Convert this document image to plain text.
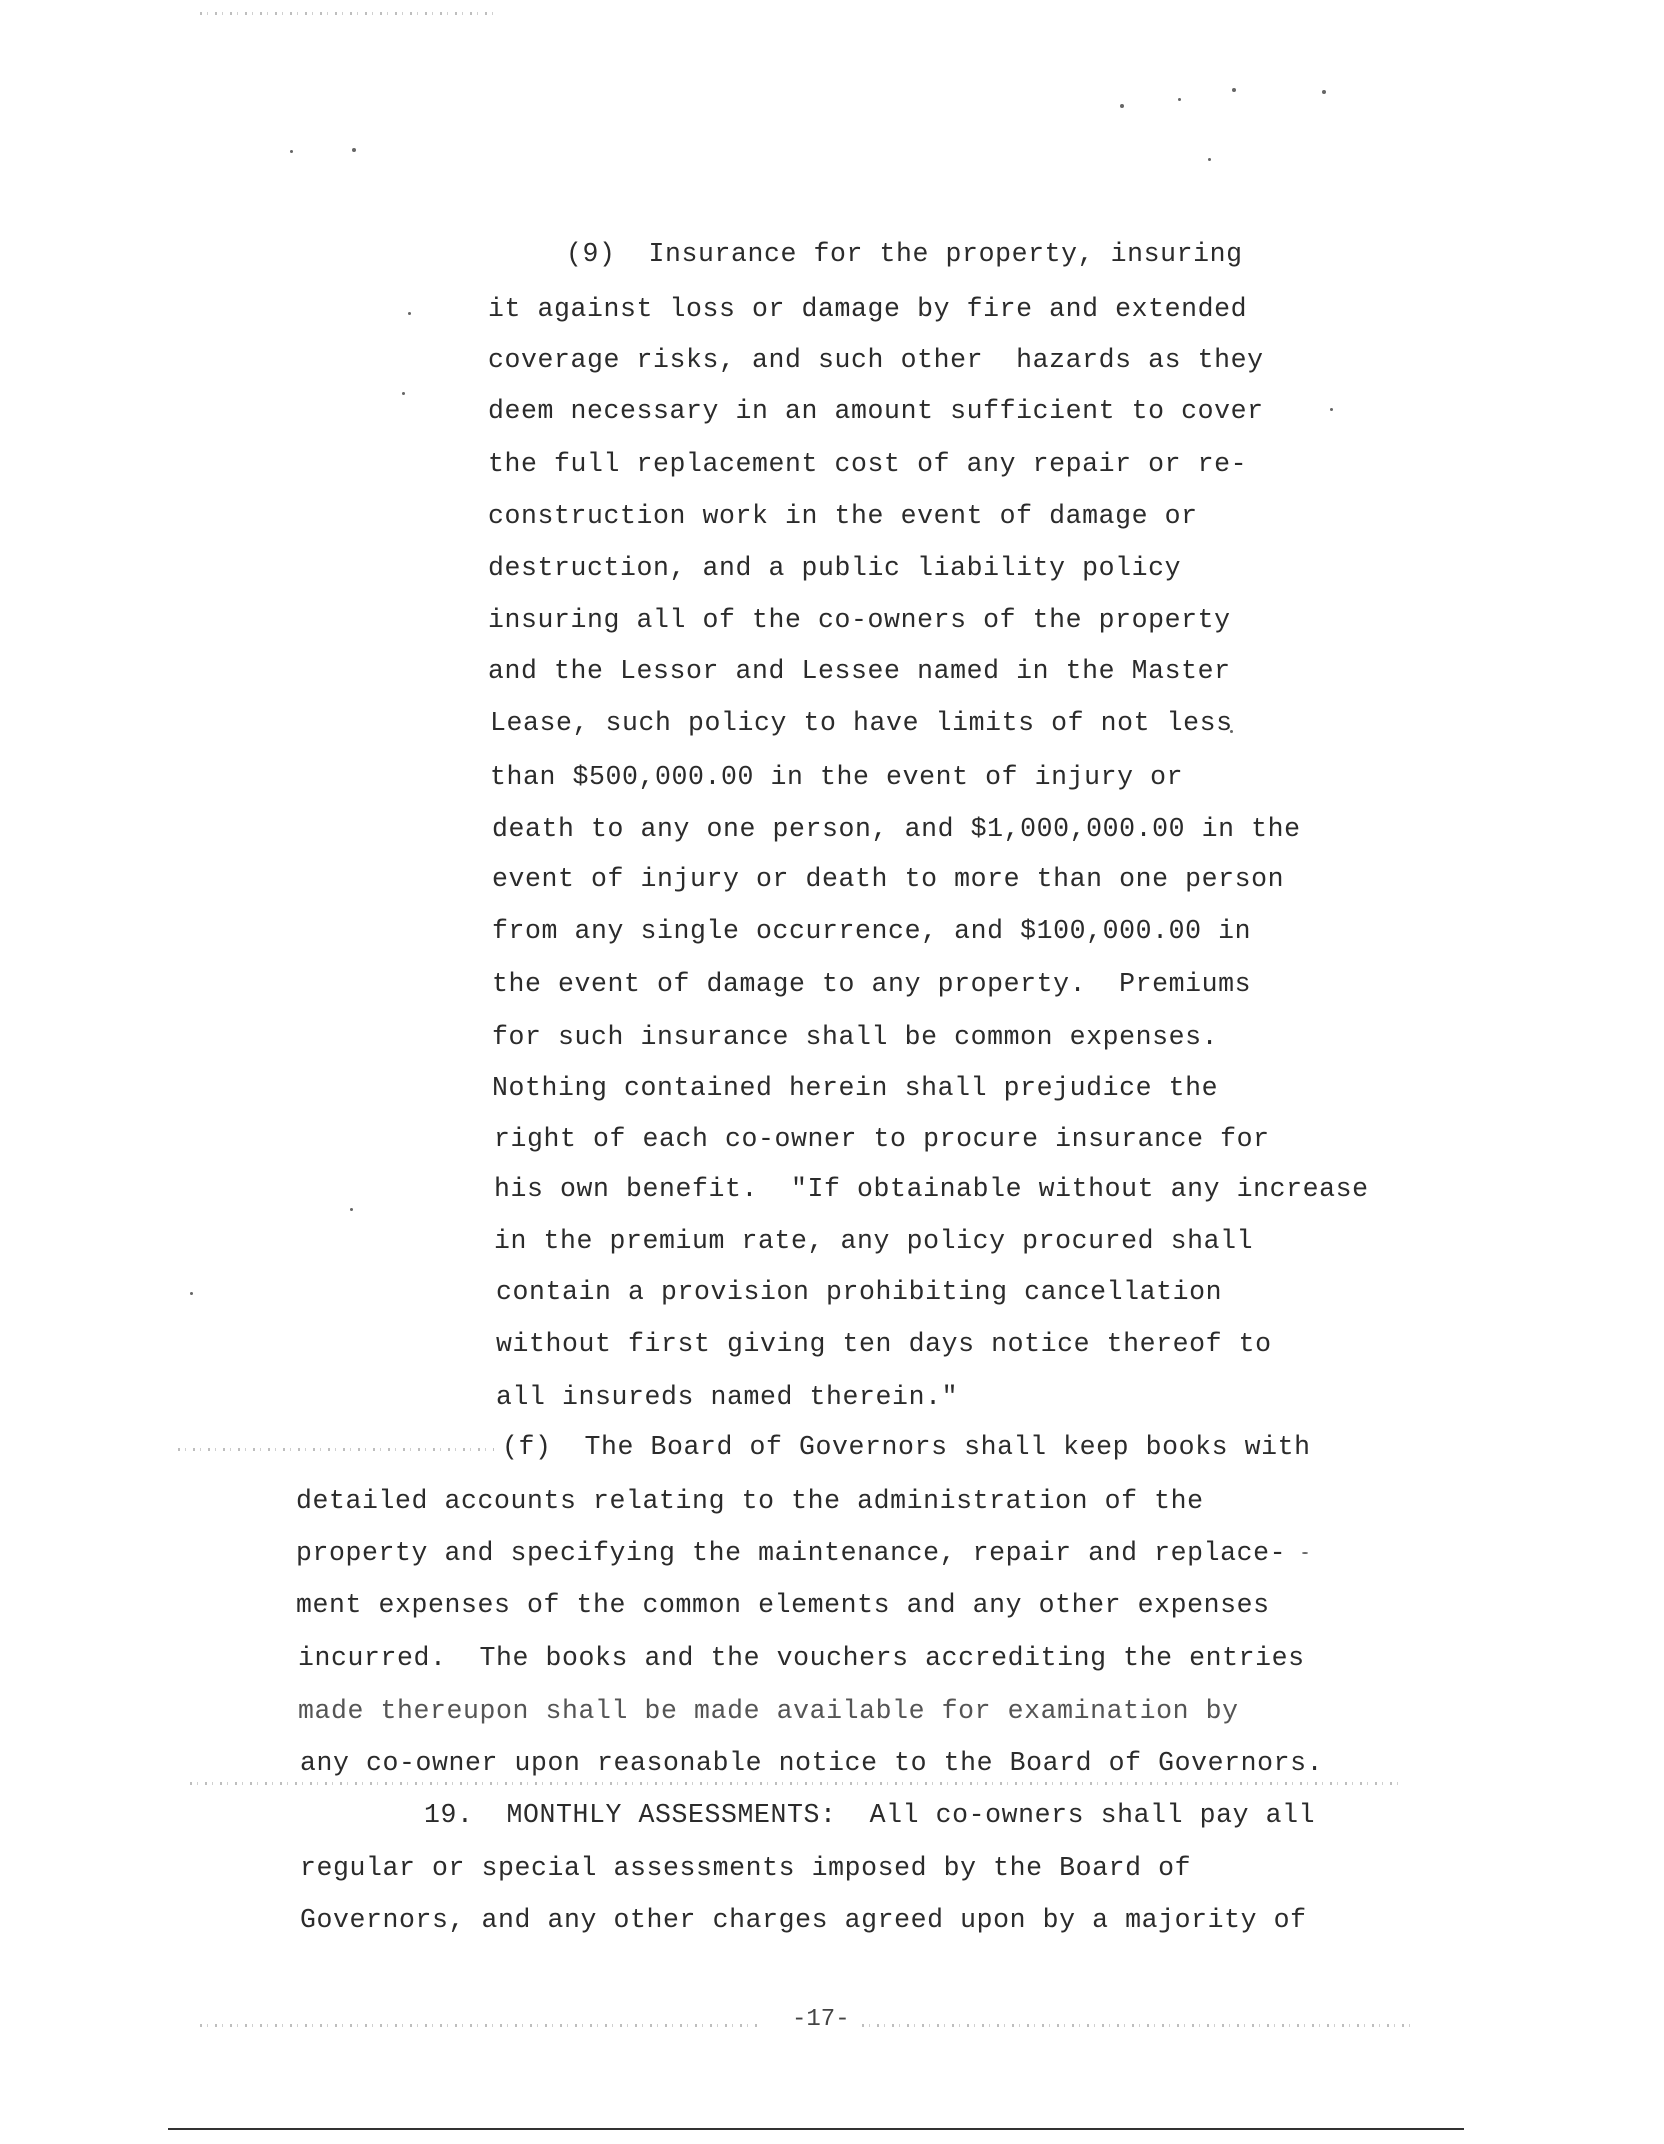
(9)  Insurance for the property, insuring
it against loss or damage by fire and extended
coverage risks, and such other  hazards as they
deem necessary in an amount sufficient to cover
the full replacement cost of any repair or re-
construction work in the event of damage or
destruction, and a public liability policy
insuring all of the co-owners of the property
and the Lessor and Lessee named in the Master
Lease, such policy to have limits of not less
than $500,000.00 in the event of injury or
death to any one person, and $1,000,000.00 in the
event of injury or death to more than one person
from any single occurrence, and $100,000.00 in
the event of damage to any property.  Premiums
for such insurance shall be common expenses.
Nothing contained herein shall prejudice the
right of each co-owner to procure insurance for
his own benefit.  "If obtainable without any increase
in the premium rate, any policy procured shall
contain a provision prohibiting cancellation
without first giving ten days notice thereof to
all insureds named therein."
(f)  The Board of Governors shall keep books with
detailed accounts relating to the administration of the
property and specifying the maintenance, repair and replace-
ment expenses of the common elements and any other expenses
incurred.  The books and the vouchers accrediting the entries
made thereupon shall be made available for examination by
any co-owner upon reasonable notice to the Board of Governors.
19.  MONTHLY ASSESSMENTS:  All co-owners shall pay all
regular or special assessments imposed by the Board of
Governors, and any other charges agreed upon by a majority of
-17-
